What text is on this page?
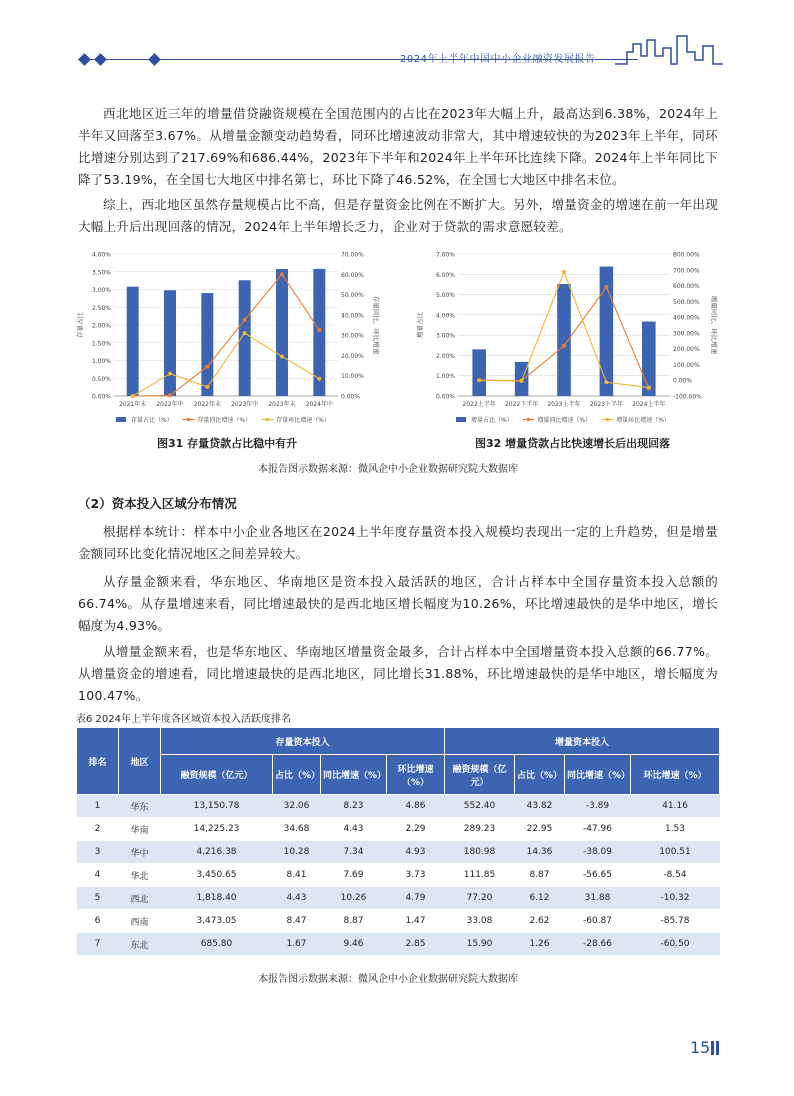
2024年上半年中国中小企业融资发展报告
西北地区近三年的增量借贷融资规模在全国范围内的占比在2023年大幅上升，最高达到6.38%，2024年上半年又回落至3.67%。从增量金额变动趋势看，同环比增速波动非常大，其中增速较快的为2023年上半年，同环比增速分别达到了217.69%和686.44%，2023年下半年和2024年上半年环比连续下降。2024年上半年同比下降了53.19%，在全国七大地区中排名第七，环比下降了46.52%，在全国七大地区中排名末位。
综上，西北地区虽然存量规模占比不高，但是存量资金比例在不断扩大。另外，增量资金的增速在前一年出现大幅上升后出现回落的情况，2024年上半年增长乏力，企业对于贷款的需求意愿较差。
0.00%
0.50%
1.00%
1.50%
2.00%
2.50%
3.00%
3.50%
4.00%
0.00%
10.00%
20.00%
30.00%
40.00%
50.00%
60.00%
70.00%
存量占比	存量同比、环比增速
2021年末 2022年中 2022年末 2023年中 2023年末 2024年中
存量占比（%）	存量同比增速（%）	存量环比增速（%）
0.00%
1.00%
2.00%
3.00%
4.00%
5.00%
6.00%
7.00%
-100.00%
0.00%
100.00%
200.00%
300.00%
400.00%
500.00%
600.00%
700.00%
800.00%
增量占比	增量同比、环比增速
2022上半年 2022下半年 2023上半年 2023下半年 2024上半年
增量占比（%）	增量同比增速（%）	增量环比增速（%）
图31 存量贷款占比稳中有升	图32 增量贷款占比快速增长后出现回落
本报告图示数据来源：微风企中小企业数据研究院大数据库
（2）资本投入区域分布情况
根据样本统计：样本中小企业各地区在2024上半年度存量资本投入规模均表现出一定的上升趋势，但是增量金额同环比变化情况地区之间差异较大。
从存量金额来看，华东地区、华南地区是资本投入最活跃的地区，合计占样本中全国存量资本投入总额的66.74%。从存量增速来看，同比增速最快的是西北地区增长幅度为10.26%，环比增速最快的是华中地区，增长幅度为4.93%。
从增量金额来看，也是华东地区、华南地区增量资金最多，合计占样本中全国增量资本投入总额的66.77%。从增量资金的增速看，同比增速最快的是西北地区，同比增长31.88%，环比增速最快的是华中地区，增长幅度为100.47%。
表6 2024年上半年度各区域资本投入活跃度排名
排名	地区	存量资本投入				增量资本投入			
		融资规模（亿元）	占比（%）	同比增速（%）	环比增速（%）	融资规模（亿元）	占比（%）	同比增速（%）	环比增速（%）
1	华东	13,150.78	32.06	8.23	4.86	552.40	43.82	-3.89	41.16
2	华南	14,225.23	34.68	4.43	2.29	289.23	22.95	-47.96	1.53
3	华中	4,216.38	10.28	7.34	4.93	180.98	14.36	-38.09	100.51
4	华北	3,450.65	8.41	7.69	3.73	111.85	8.87	-56.65	-8.54
5	西北	1,818.40	4.43	10.26	4.79	77.20	6.12	31.88	-10.32
6	西南	3,473.05	8.47	8.87	1.47	33.08	2.62	-60.87	-85.78
7	东北	685.80	1.67	9.46	2.85	15.90	1.26	-28.66	-60.50
本报告图示数据来源：微风企中小企业数据研究院大数据库
15
